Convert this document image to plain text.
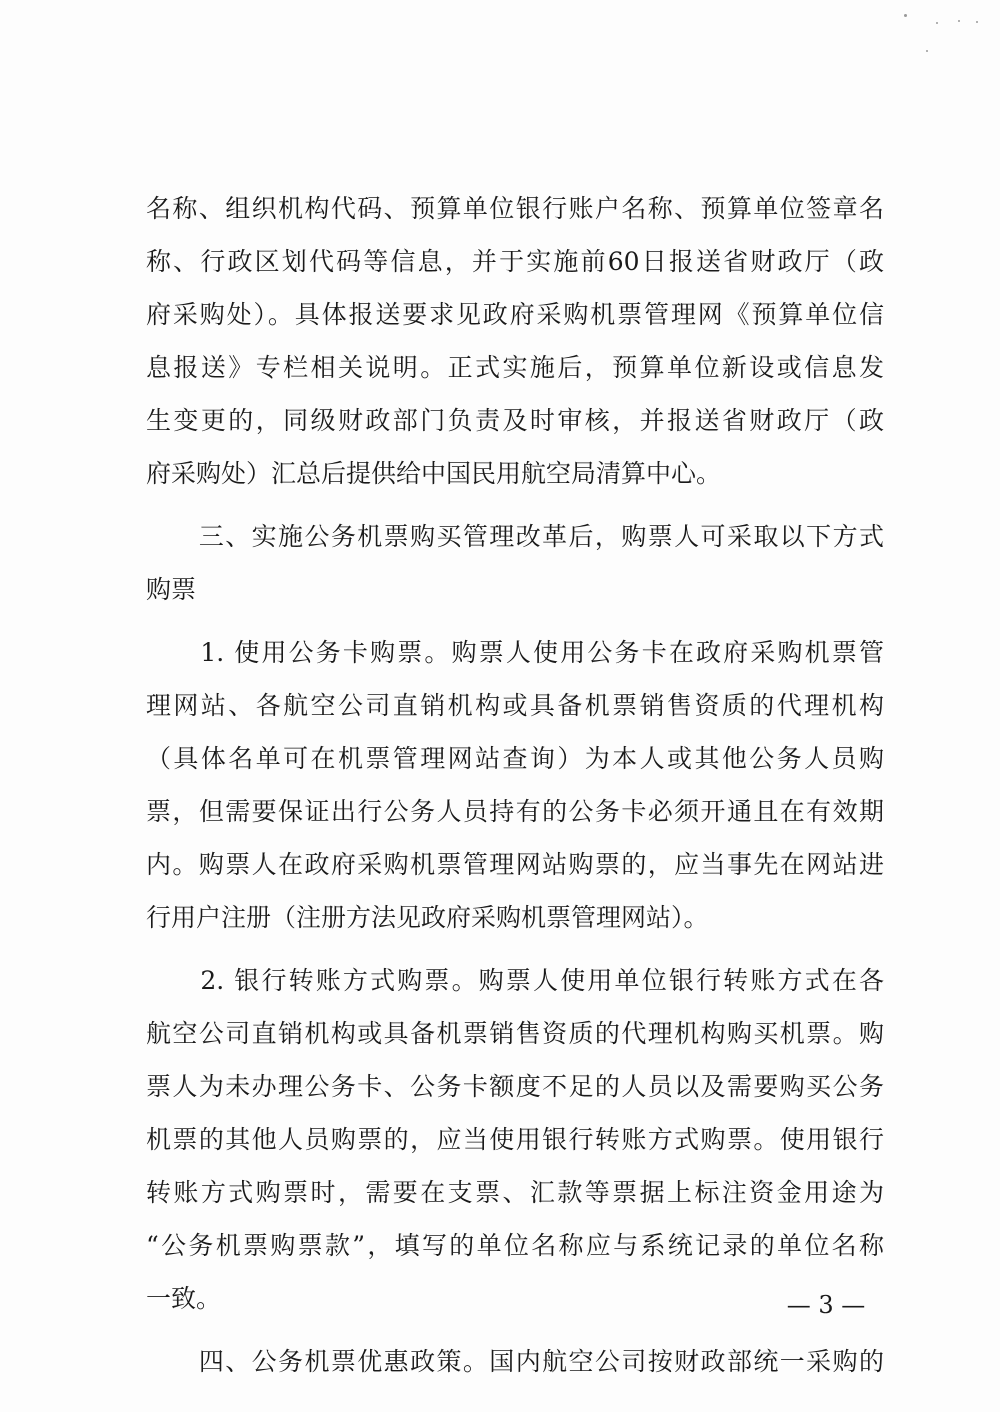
名称、组织机构代码、预算单位银行账户名称、预算单位签章名
称、行政区划代码等信息，并于实施前60日报送省财政厅（政
府采购处）。具体报送要求见政府采购机票管理网《预算单位信
息报送》专栏相关说明。正式实施后，预算单位新设或信息发
生变更的，同级财政部门负责及时审核，并报送省财政厅（政
府采购处）汇总后提供给中国民用航空局清算中心。
　　三、实施公务机票购买管理改革后，购票人可采取以下方式
购票
　　1. 使用公务卡购票。购票人使用公务卡在政府采购机票管
理网站、各航空公司直销机构或具备机票销售资质的代理机构
（具体名单可在机票管理网站查询）为本人或其他公务人员购
票，但需要保证出行公务人员持有的公务卡必须开通且在有效期
内。购票人在政府采购机票管理网站购票的，应当事先在网站进
行用户注册（注册方法见政府采购机票管理网站）。
　　2. 银行转账方式购票。购票人使用单位银行转账方式在各
航空公司直销机构或具备机票销售资质的代理机构购买机票。购
票人为未办理公务卡、公务卡额度不足的人员以及需要购买公务
机票的其他人员购票的，应当使用银行转账方式购票。使用银行
转账方式购票时，需要在支票、汇款等票据上标注资金用途为
“公务机票购票款”，填写的单位名称应与系统记录的单位名称
一致。
　　四、公务机票优惠政策。国内航空公司按财政部统一采购的
— 3 —
